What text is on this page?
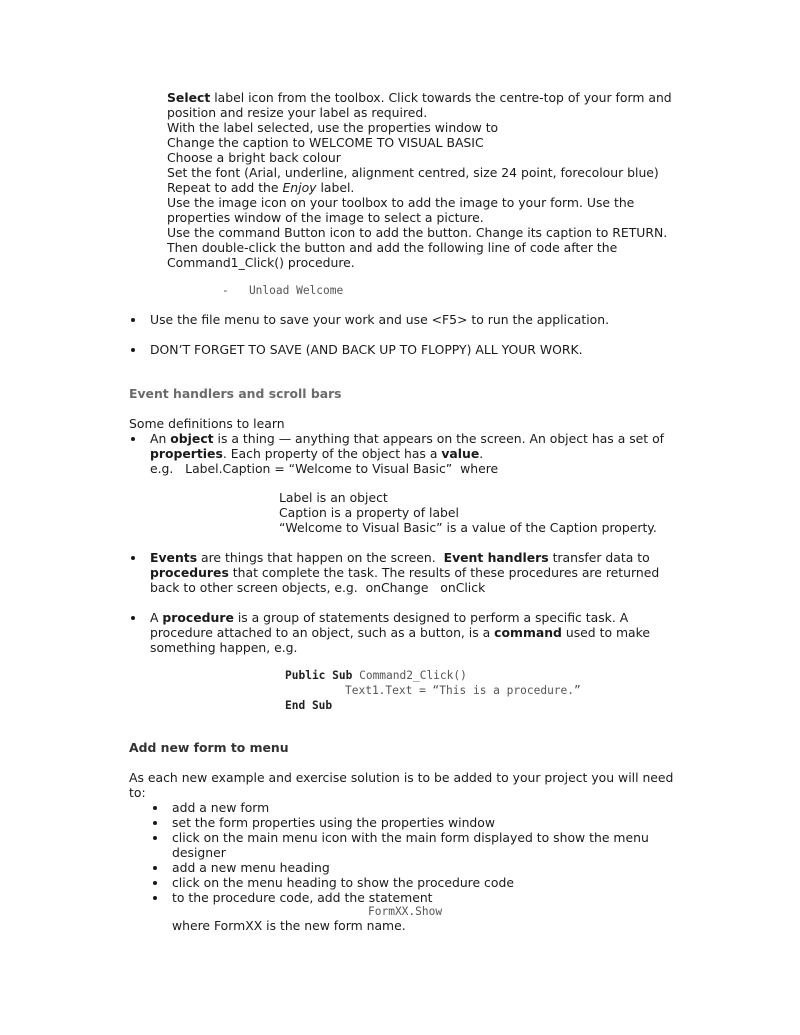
Select label icon from the toolbox. Click towards the centre-top of your form and
position and resize your label as required.
With the label selected, use the properties window to
Change the caption to WELCOME TO VISUAL BASIC
Choose a bright back colour
Set the font (Arial, underline, alignment centred, size 24 point, forecolour blue)
Repeat to add the Enjoy label.
Use the image icon on your toolbox to add the image to your form. Use the
properties window of the image to select a picture.
Use the command Button icon to add the button. Change its caption to RETURN.
Then double-click the button and add the following line of code after the
Command1_Click() procedure.
-   Unload Welcome
Use the file menu to save your work and use <F5> to run the application.
DON’T FORGET TO SAVE (AND BACK UP TO FLOPPY) ALL YOUR WORK.
Event handlers and scroll bars
Some definitions to learn
An object is a thing — anything that appears on the screen. An object has a set of
properties. Each property of the object has a value.
e.g.   Label.Caption = “Welcome to Visual Basic”  where
Label is an object
Caption is a property of label
“Welcome to Visual Basic” is a value of the Caption property.
Events are things that happen on the screen.  Event handlers transfer data to
procedures that complete the task. The results of these procedures are returned
back to other screen objects, e.g.  onChange   onClick
A procedure is a group of statements designed to perform a specific task. A
procedure attached to an object, such as a button, is a command used to make
something happen, e.g.
Public Sub Command2_Click()
Text1.Text = “This is a procedure.”
End Sub
Add new form to menu
As each new example and exercise solution is to be added to your project you will need
to:
add a new form
set the form properties using the properties window
click on the main menu icon with the main form displayed to show the menu
designer
add a new menu heading
click on the menu heading to show the procedure code
to the procedure code, add the statement
FormXX.Show
where FormXX is the new form name.
